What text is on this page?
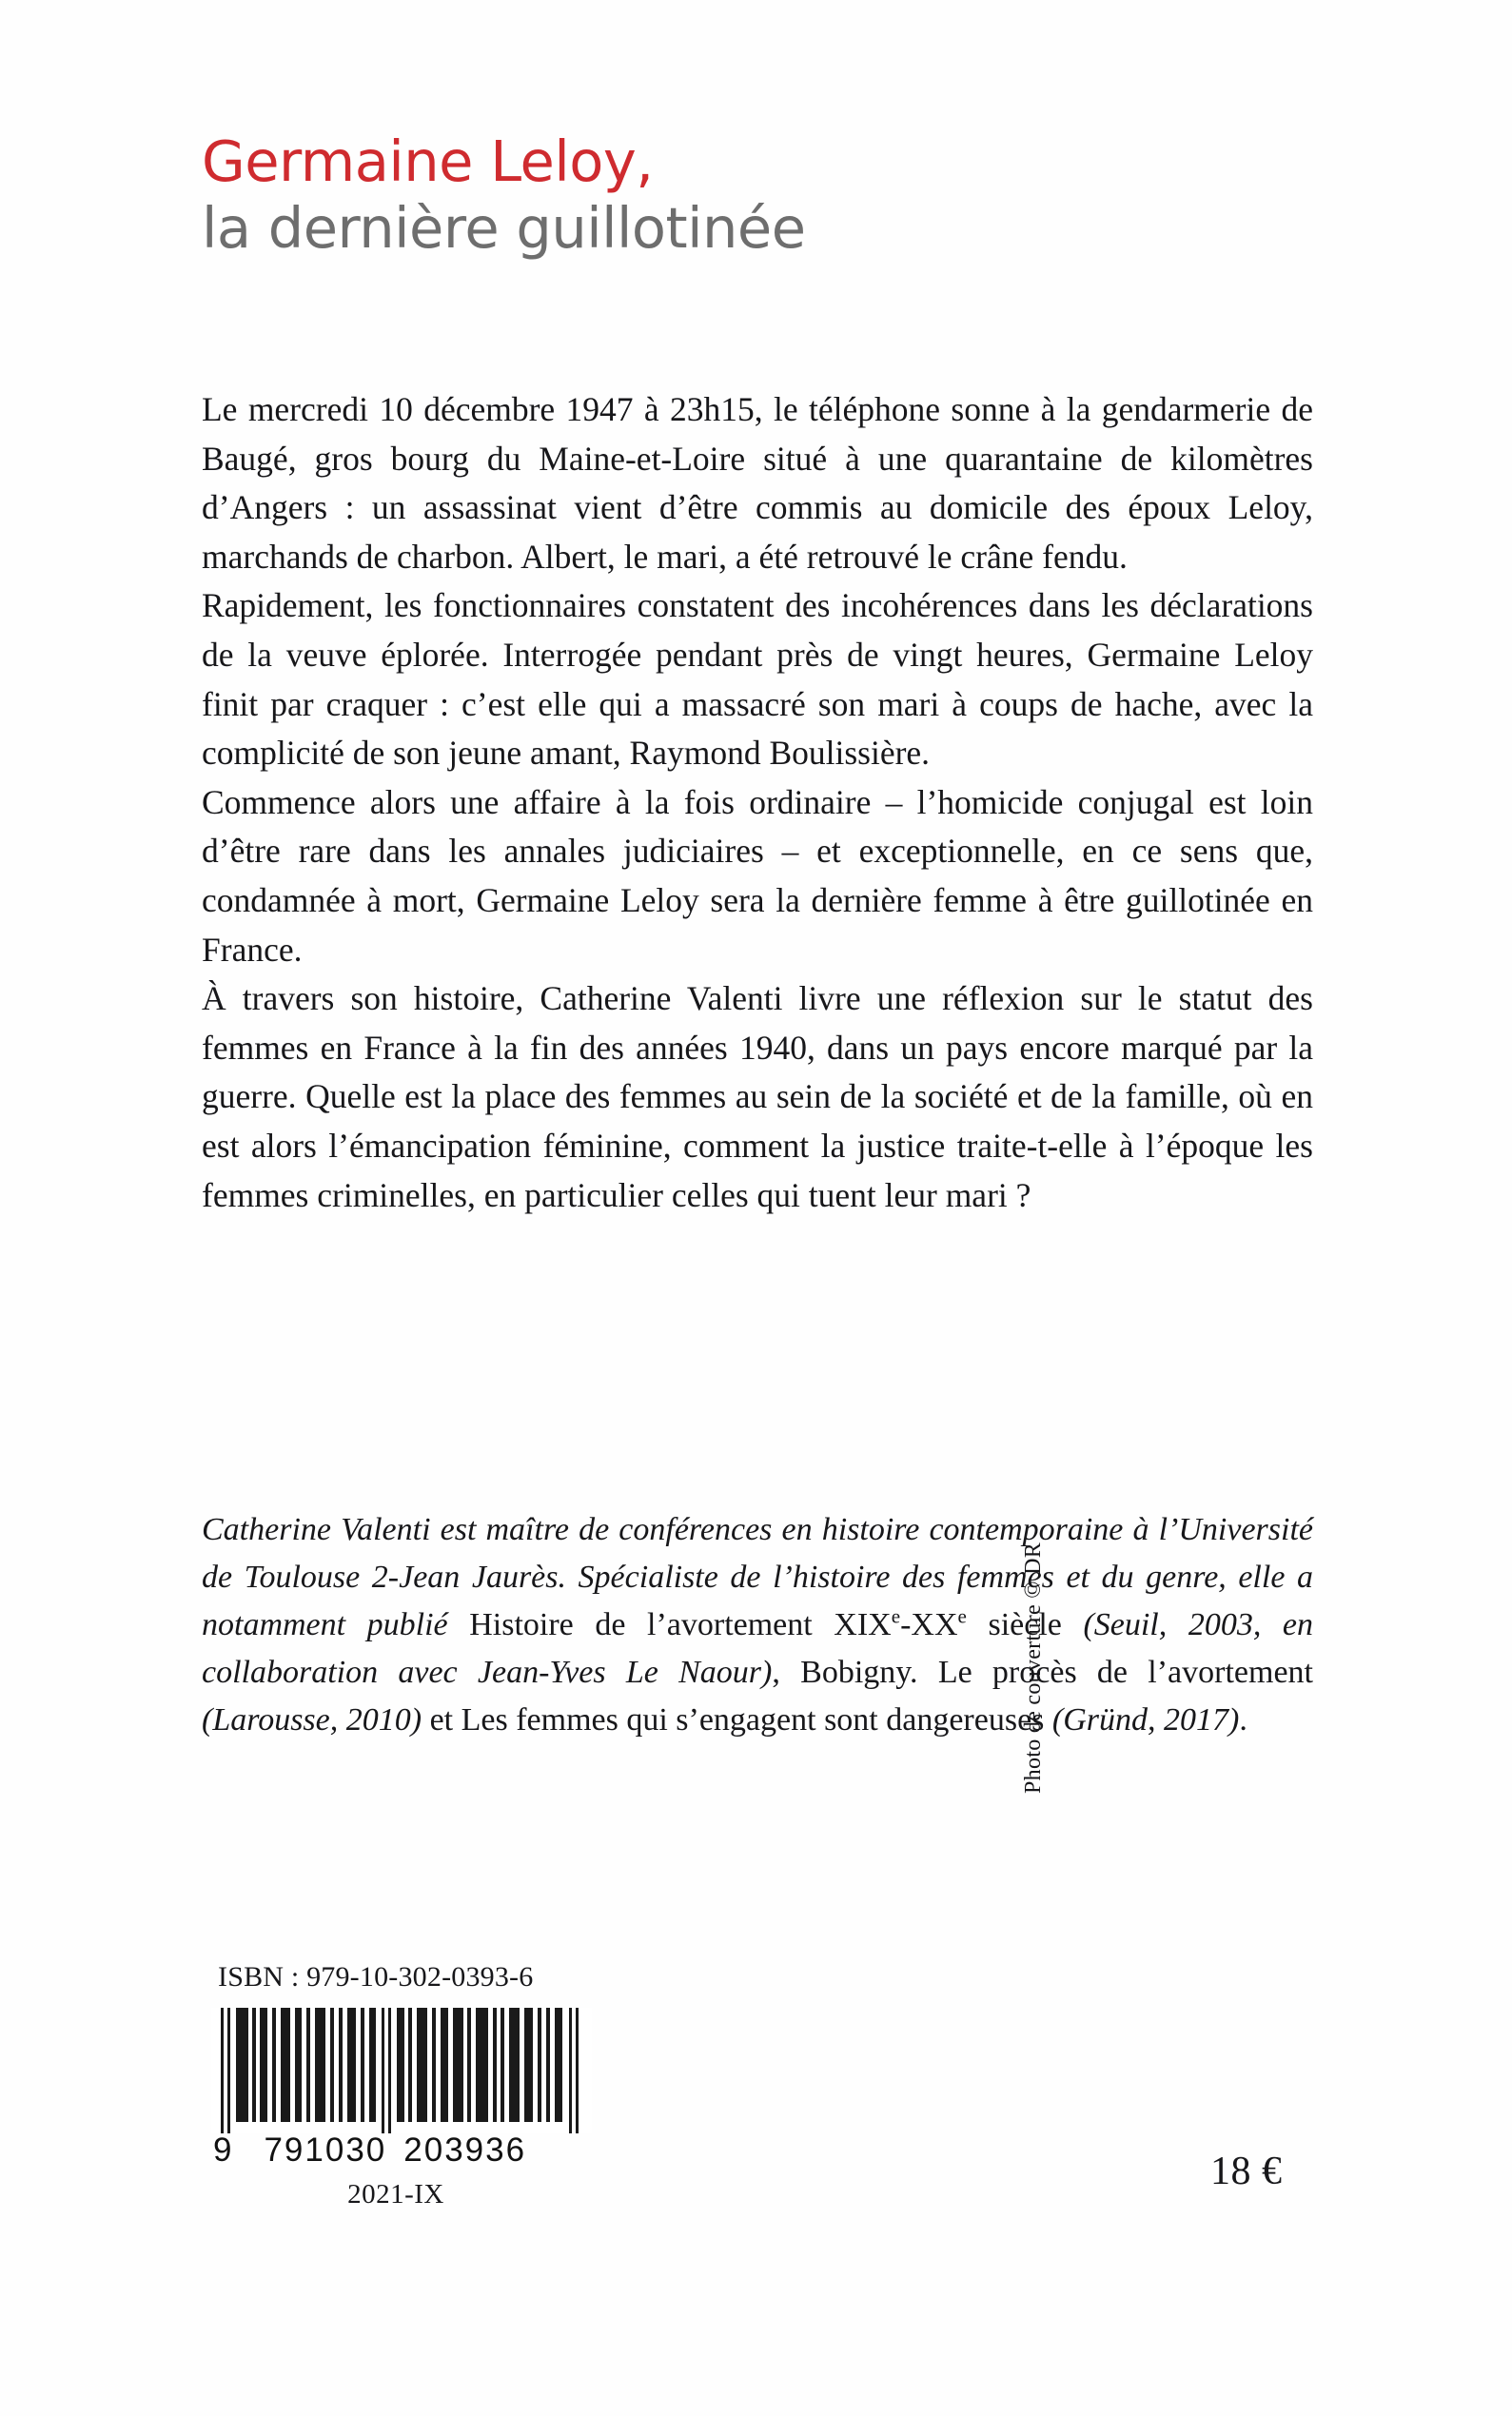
Germaine Leloy,
la dernière guillotinée

Le mercredi 10 décembre 1947 à 23h15, le téléphone sonne à la gendarmerie de Baugé, gros bourg du Maine-et-Loire situé à une quarantaine de kilomètres d’Angers : un assassinat vient d’être commis au domicile des époux Leloy, marchands de charbon. Albert, le mari, a été retrouvé le crâne fendu.

Rapidement, les fonctionnaires constatent des incohérences dans les déclarations de la veuve éplorée. Interrogée pendant près de vingt heures, Germaine Leloy finit par craquer : c’est elle qui a massacré son mari à coups de hache, avec la complicité de son jeune amant, Raymond Boulissière.

Commence alors une affaire à la fois ordinaire – l’homicide conjugal est loin d’être rare dans les annales judiciaires – et exceptionnelle, en ce sens que, condamnée à mort, Germaine Leloy sera la dernière femme à être guillotinée en France.

À travers son histoire, Catherine Valenti livre une réflexion sur le statut des femmes en France à la fin des années 1940, dans un pays encore marqué par la guerre. Quelle est la place des femmes au sein de la société et de la famille, où en est alors l’émancipation féminine, comment la justice traite-t-elle à l’époque les femmes criminelles, en particulier celles qui tuent leur mari ?

Catherine Valenti est maître de conférences en histoire contemporaine à l’Université de Toulouse 2-Jean Jaurès. Spécialiste de l’histoire des femmes et du genre, elle a notamment publié Histoire de l’avortement XIXe-XXe siècle (Seuil, 2003, en collaboration avec Jean-Yves Le Naour), Bobigny. Le procès de l’avortement (Larousse, 2010) et Les femmes qui s’engagent sont dangereuses (Gründ, 2017).

ISBN : 979-10-302-0393-6
9 791030 203936
2021-IX
18 €
Photo de couverture © DR
